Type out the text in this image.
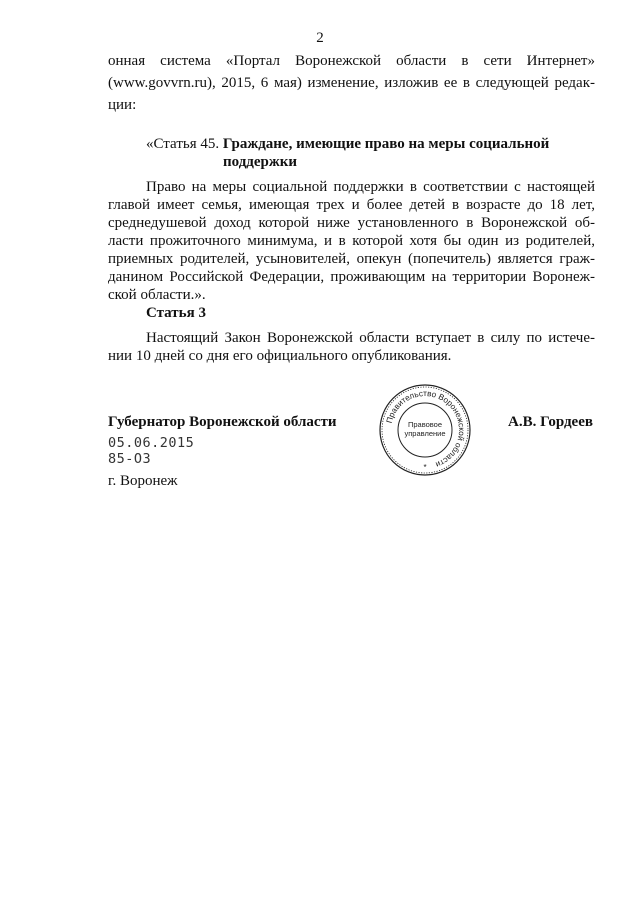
2
онная система «Портал Воронежской области в сети Интернет»
(www.govvrn.ru), 2015, 6 мая) изменение, изложив ее в следующей редак-
ции:
«Статья 45. Граждане, имеющие право на меры социальной
поддержки
Право на меры социальной поддержки в соответствии с настоящей
главой имеет семья, имеющая трех и более детей в возрасте до 18 лет,
среднедушевой доход которой ниже установленного в Воронежской об-
ласти прожиточного минимума, и в которой хотя бы один из родителей,
приемных родителей, усыновителей, опекун (попечитель) является граж-
данином Российской Федерации, проживающим на территории Воронеж-
ской области.».
Статья 3
Настоящий Закон Воронежской области вступает в силу по истече-
нии 10 дней со дня его официального опубликования.
Губернатор Воронежской области	А.В. Гордеев
05.06.2015
85-ОЗ
г. Воронеж
Правительство Воронежской области
Правовое
управление
*
